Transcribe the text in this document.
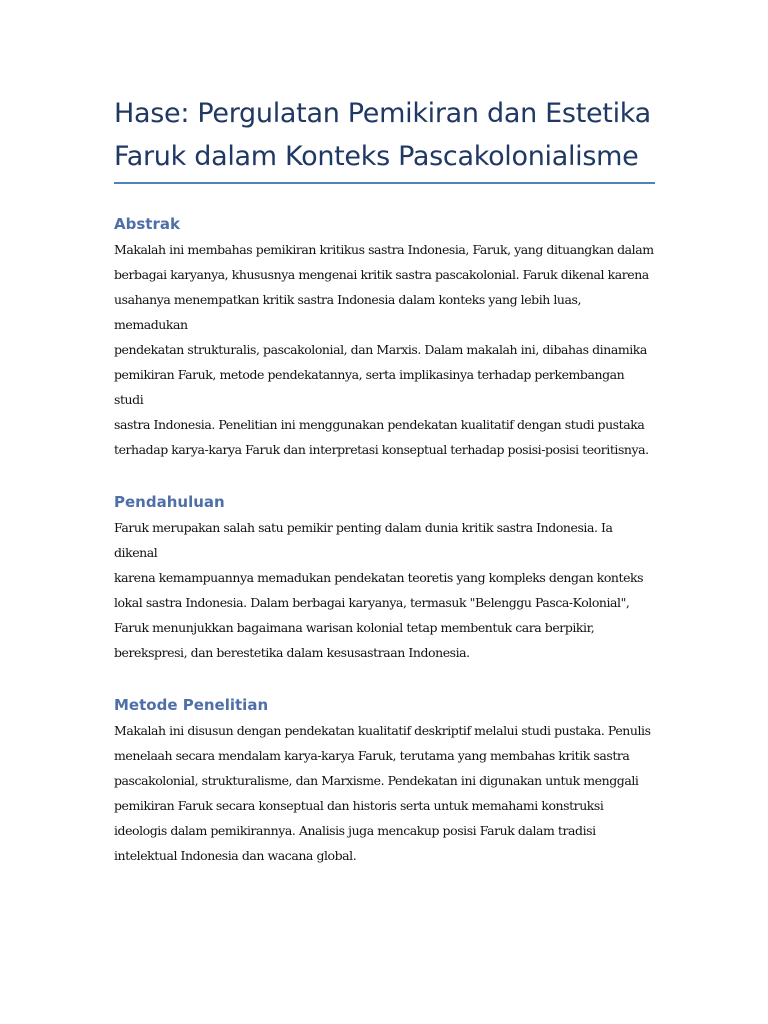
Hase: Pergulatan Pemikiran dan Estetika
Faruk dalam Konteks Pascakolonialisme
Abstrak

Makalah ini membahas pemikiran kritikus sastra Indonesia, Faruk, yang dituangkan dalam
berbagai karyanya, khususnya mengenai kritik sastra pascakolonial. Faruk dikenal karena
usahanya menempatkan kritik sastra Indonesia dalam konteks yang lebih luas, memadukan
pendekatan strukturalis, pascakolonial, dan Marxis. Dalam makalah ini, dibahas dinamika
pemikiran Faruk, metode pendekatannya, serta implikasinya terhadap perkembangan studi
sastra Indonesia. Penelitian ini menggunakan pendekatan kualitatif dengan studi pustaka
terhadap karya-karya Faruk dan interpretasi konseptual terhadap posisi-posisi teoritisnya.

Pendahuluan

Faruk merupakan salah satu pemikir penting dalam dunia kritik sastra Indonesia. Ia dikenal
karena kemampuannya memadukan pendekatan teoretis yang kompleks dengan konteks
lokal sastra Indonesia. Dalam berbagai karyanya, termasuk "Belenggu Pasca-Kolonial",
Faruk menunjukkan bagaimana warisan kolonial tetap membentuk cara berpikir,
berekspresi, dan berestetika dalam kesusastraan Indonesia.

Metode Penelitian

Makalah ini disusun dengan pendekatan kualitatif deskriptif melalui studi pustaka. Penulis
menelaah secara mendalam karya-karya Faruk, terutama yang membahas kritik sastra
pascakolonial, strukturalisme, dan Marxisme. Pendekatan ini digunakan untuk menggali
pemikiran Faruk secara konseptual dan historis serta untuk memahami konstruksi
ideologis dalam pemikirannya. Analisis juga mencakup posisi Faruk dalam tradisi
intelektual Indonesia dan wacana global.
